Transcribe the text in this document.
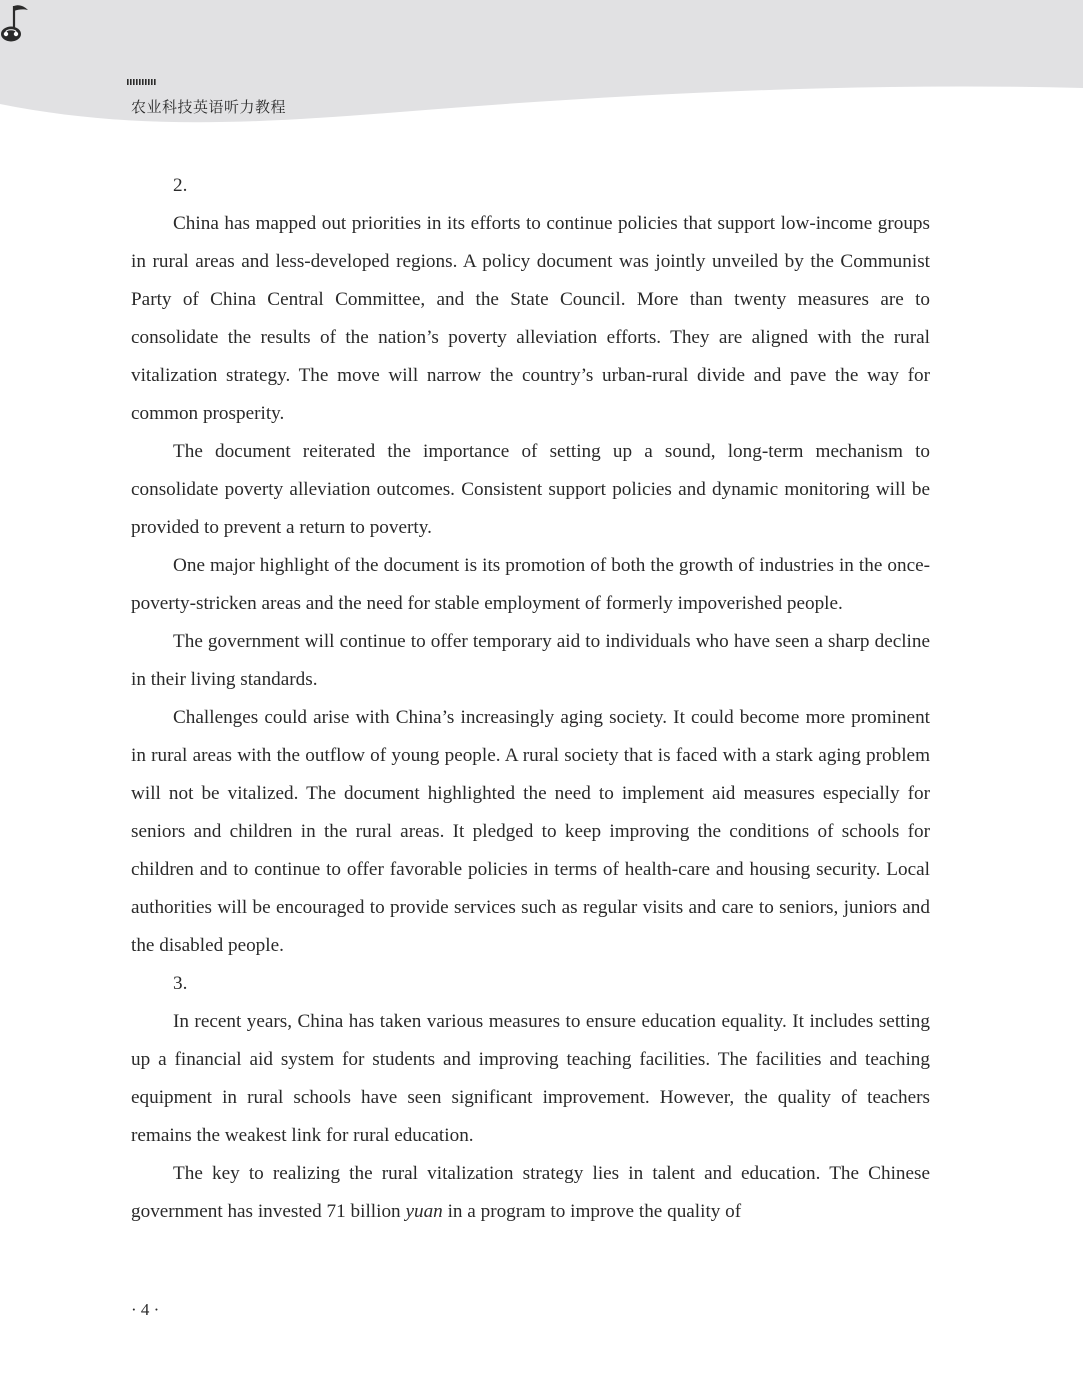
农业科技英语听力教程

2.

China has mapped out priorities in its efforts to continue policies that support low-income groups in rural areas and less-developed regions. A policy document was jointly unveiled by the Communist Party of China Central Committee, and the State Council. More than twenty measures are to consolidate the results of the nation’s poverty alleviation efforts. They are aligned with the rural vitalization strategy. The move will narrow the country’s urban-rural divide and pave the way for common prosperity.

The document reiterated the importance of setting up a sound, long-term mechanism to consolidate poverty alleviation outcomes. Consistent support policies and dynamic monitoring will be provided to prevent a return to poverty.

One major highlight of the document is its promotion of both the growth of industries in the once-poverty-stricken areas and the need for stable employment of formerly impoverished people.

The government will continue to offer temporary aid to individuals who have seen a sharp decline in their living standards.

Challenges could arise with China’s increasingly aging society. It could become more prominent in rural areas with the outflow of young people. A rural society that is faced with a stark aging problem will not be vitalized. The document highlighted the need to implement aid measures especially for seniors and children in the rural areas. It pledged to keep improving the conditions of schools for children and to continue to offer favorable policies in terms of health-care and housing security. Local authorities will be encouraged to provide services such as regular visits and care to seniors, juniors and the disabled people.

3.

In recent years, China has taken various measures to ensure education equality. It includes setting up a financial aid system for students and improving teaching facilities. The facilities and teaching equipment in rural schools have seen significant improvement. However, the quality of teachers remains the weakest link for rural education.

The key to realizing the rural vitalization strategy lies in talent and education. The Chinese government has invested 71 billion yuan in a program to improve the quality of

· 4 ·
